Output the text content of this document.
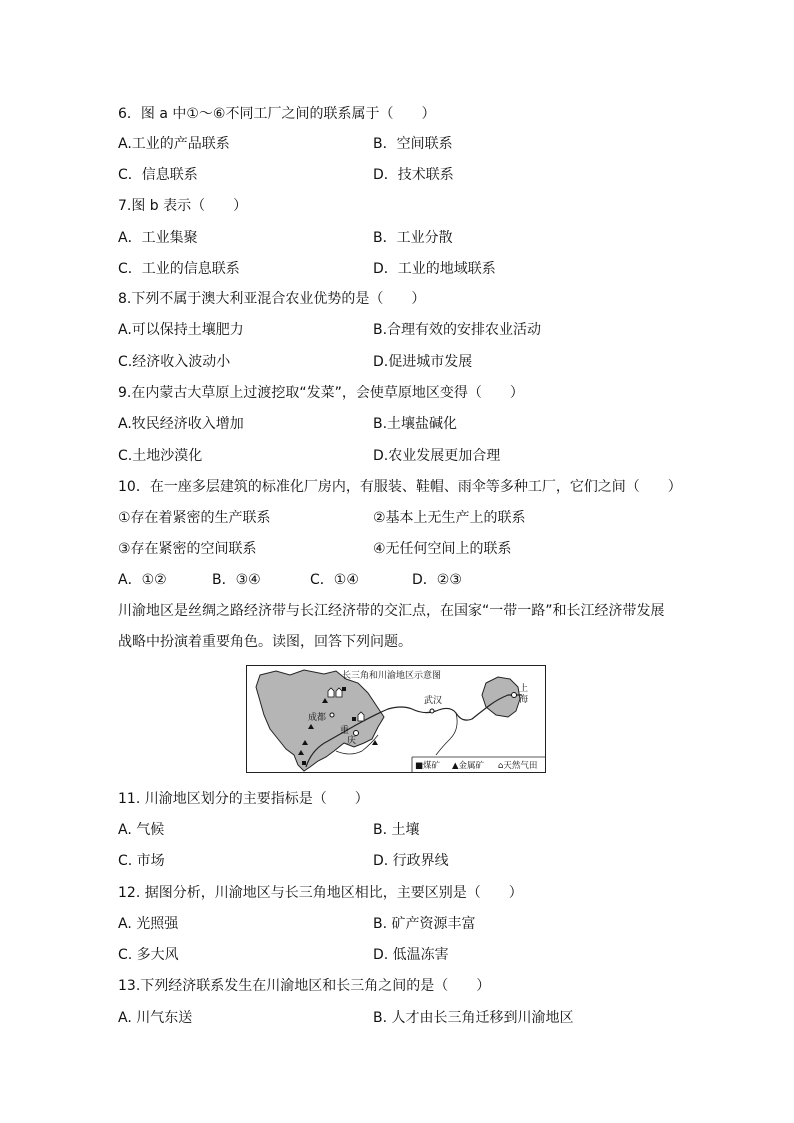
6．图 a 中①～⑥不同工厂之间的联系属于（　　）
A.工业的产品联系	B．空间联系
C．信息联系	D．技术联系
7.图 b 表示（　　）
A．工业集聚	B．工业分散
C．工业的信息联系	D．工业的地域联系
8.下列不属于澳大利亚混合农业优势的是（　　）
A.可以保持土壤肥力	B.合理有效的安排农业活动
C.经济收入波动小	D.促进城市发展
9.在内蒙古大草原上过渡挖取“发菜”，会使草原地区变得（　　）
A.牧民经济收入增加	B.土壤盐碱化
C.土地沙漠化	D.农业发展更加合理
10．在一座多层建筑的标准化厂房内，有服装、鞋帽、雨伞等多种工厂，它们之间（　　）
①存在着紧密的生产联系	②基本上无生产上的联系
③存在紧密的空间联系	④无任何空间上的联系
A．①②	B．③④	C．①④	D．②③
川渝地区是丝绸之路经济带与长江经济带的交汇点，在国家“一带一路”和长江经济带发展
战略中扮演着重要角色。读图，回答下列问题。
长三角和川渝地区示意图
成都
重
庆
武汉
上
海
■煤矿 ▲金属矿 ⌂天然气田
11. 川渝地区划分的主要指标是（　　）
A. 气候	B. 土壤
C. 市场	D. 行政界线
12. 据图分析，川渝地区与长三角地区相比，主要区别是（　　）
A. 光照强	B. 矿产资源丰富
C. 多大风	D. 低温冻害
13.下列经济联系发生在川渝地区和长三角之间的是（　　）
A. 川气东送	B. 人才由长三角迁移到川渝地区
